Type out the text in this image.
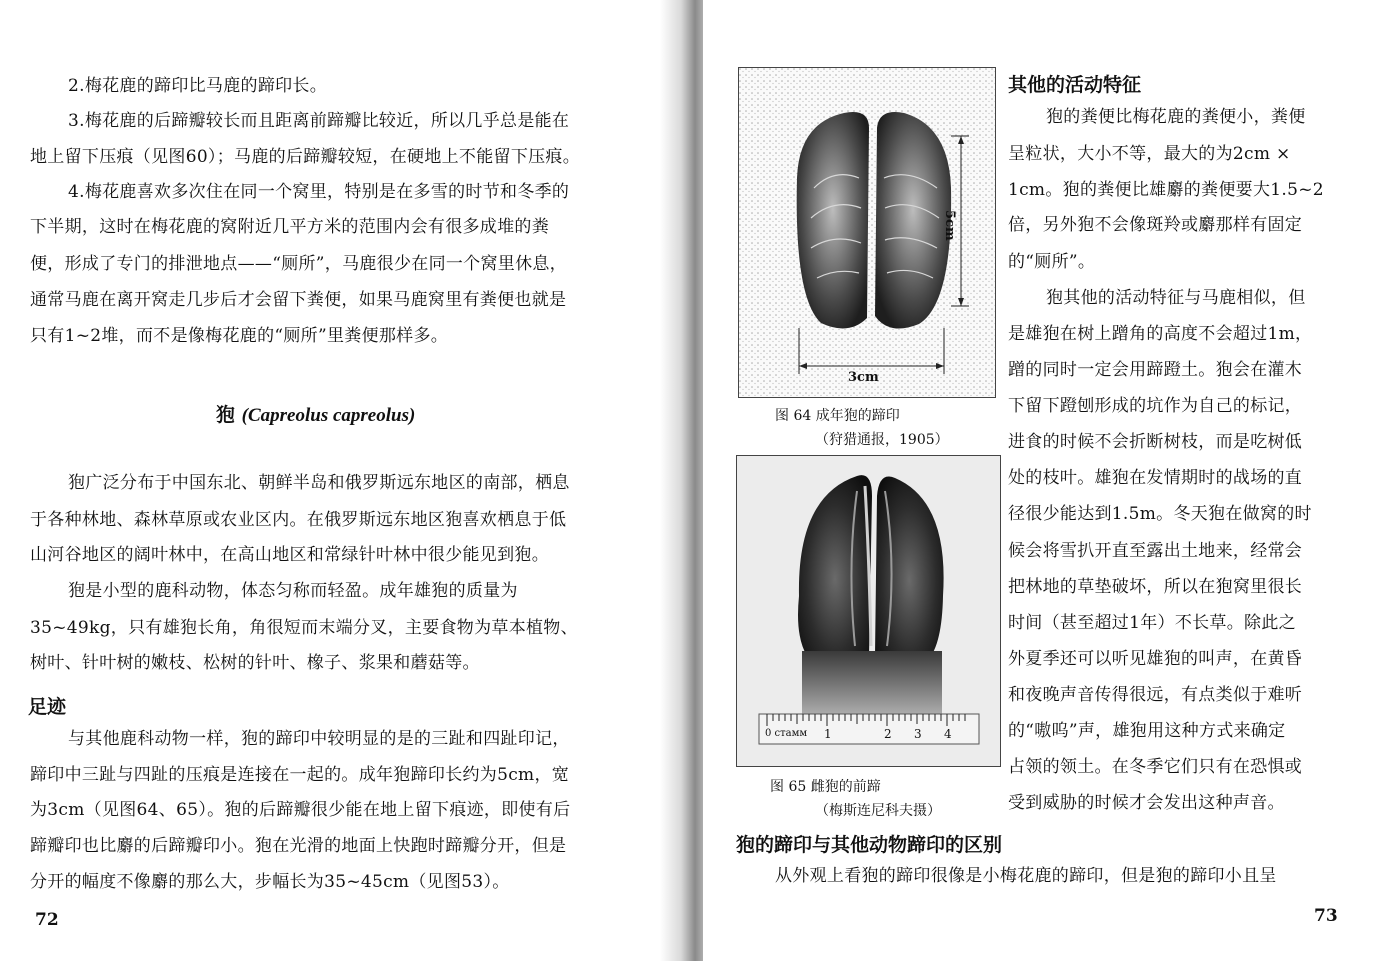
2.梅花鹿的蹄印比马鹿的蹄印长。
3.梅花鹿的后蹄瓣较长而且距离前蹄瓣比较近，所以几乎总是能在
地上留下压痕（见图60）；马鹿的后蹄瓣较短，在硬地上不能留下压痕。
4.梅花鹿喜欢多次住在同一个窝里，特别是在多雪的时节和冬季的
下半期，这时在梅花鹿的窝附近几平方米的范围内会有很多成堆的粪
便，形成了专门的排泄地点——“厕所”，马鹿很少在同一个窝里休息，
通常马鹿在离开窝走几步后才会留下粪便，如果马鹿窝里有粪便也就是
只有1~2堆，而不是像梅花鹿的“厕所”里粪便那样多。
狍 (Capreolus capreolus)
狍广泛分布于中国东北、朝鲜半岛和俄罗斯远东地区的南部，栖息
于各种林地、森林草原或农业区内。在俄罗斯远东地区狍喜欢栖息于低
山河谷地区的阔叶林中，在高山地区和常绿针叶林中很少能见到狍。
狍是小型的鹿科动物，体态匀称而轻盈。成年雄狍的质量为
35~49kg，只有雄狍长角，角很短而末端分叉，主要食物为草本植物、
树叶、针叶树的嫩枝、松树的针叶、橡子、浆果和蘑菇等。
足迹
与其他鹿科动物一样，狍的蹄印中较明显的是的三趾和四趾印记，
蹄印中三趾与四趾的压痕是连接在一起的。成年狍蹄印长约为5cm，宽
为3cm（见图64、65）。狍的后蹄瓣很少能在地上留下痕迹，即使有后
蹄瓣印也比麝的后蹄瓣印小。狍在光滑的地面上快跑时蹄瓣分开，但是
分开的幅度不像麝的那么大，步幅长为35~45cm（见图53）。
72
5cm
3cm
图 64 成年狍的蹄印
（狩猎通报，1905）
0 cтамм 1	2 3 4
图 65 雌狍的前蹄
（梅斯连尼科夫摄）
其他的活动特征
狍的粪便比梅花鹿的粪便小，粪便
呈粒状，大小不等，最大的为2cm ×
1cm。狍的粪便比雄麝的粪便要大1.5~2
倍，另外狍不会像斑羚或麝那样有固定
的“厕所”。
狍其他的活动特征与马鹿相似，但
是雄狍在树上蹭角的高度不会超过1m，
蹭的同时一定会用蹄蹬土。狍会在灌木
下留下蹬刨形成的坑作为自己的标记，
进食的时候不会折断树枝，而是吃树低
处的枝叶。雄狍在发情期时的战场的直
径很少能达到1.5m。冬天狍在做窝的时
候会将雪扒开直至露出土地来，经常会
把林地的草垫破坏，所以在狍窝里很长
时间（甚至超过1年）不长草。除此之
外夏季还可以听见雄狍的叫声，在黄昏
和夜晚声音传得很远，有点类似于难听
的“嗷呜”声，雄狍用这种方式来确定
占领的领土。在冬季它们只有在恐惧或
受到威胁的时候才会发出这种声音。
狍的蹄印与其他动物蹄印的区别
从外观上看狍的蹄印很像是小梅花鹿的蹄印，但是狍的蹄印小且呈
73
